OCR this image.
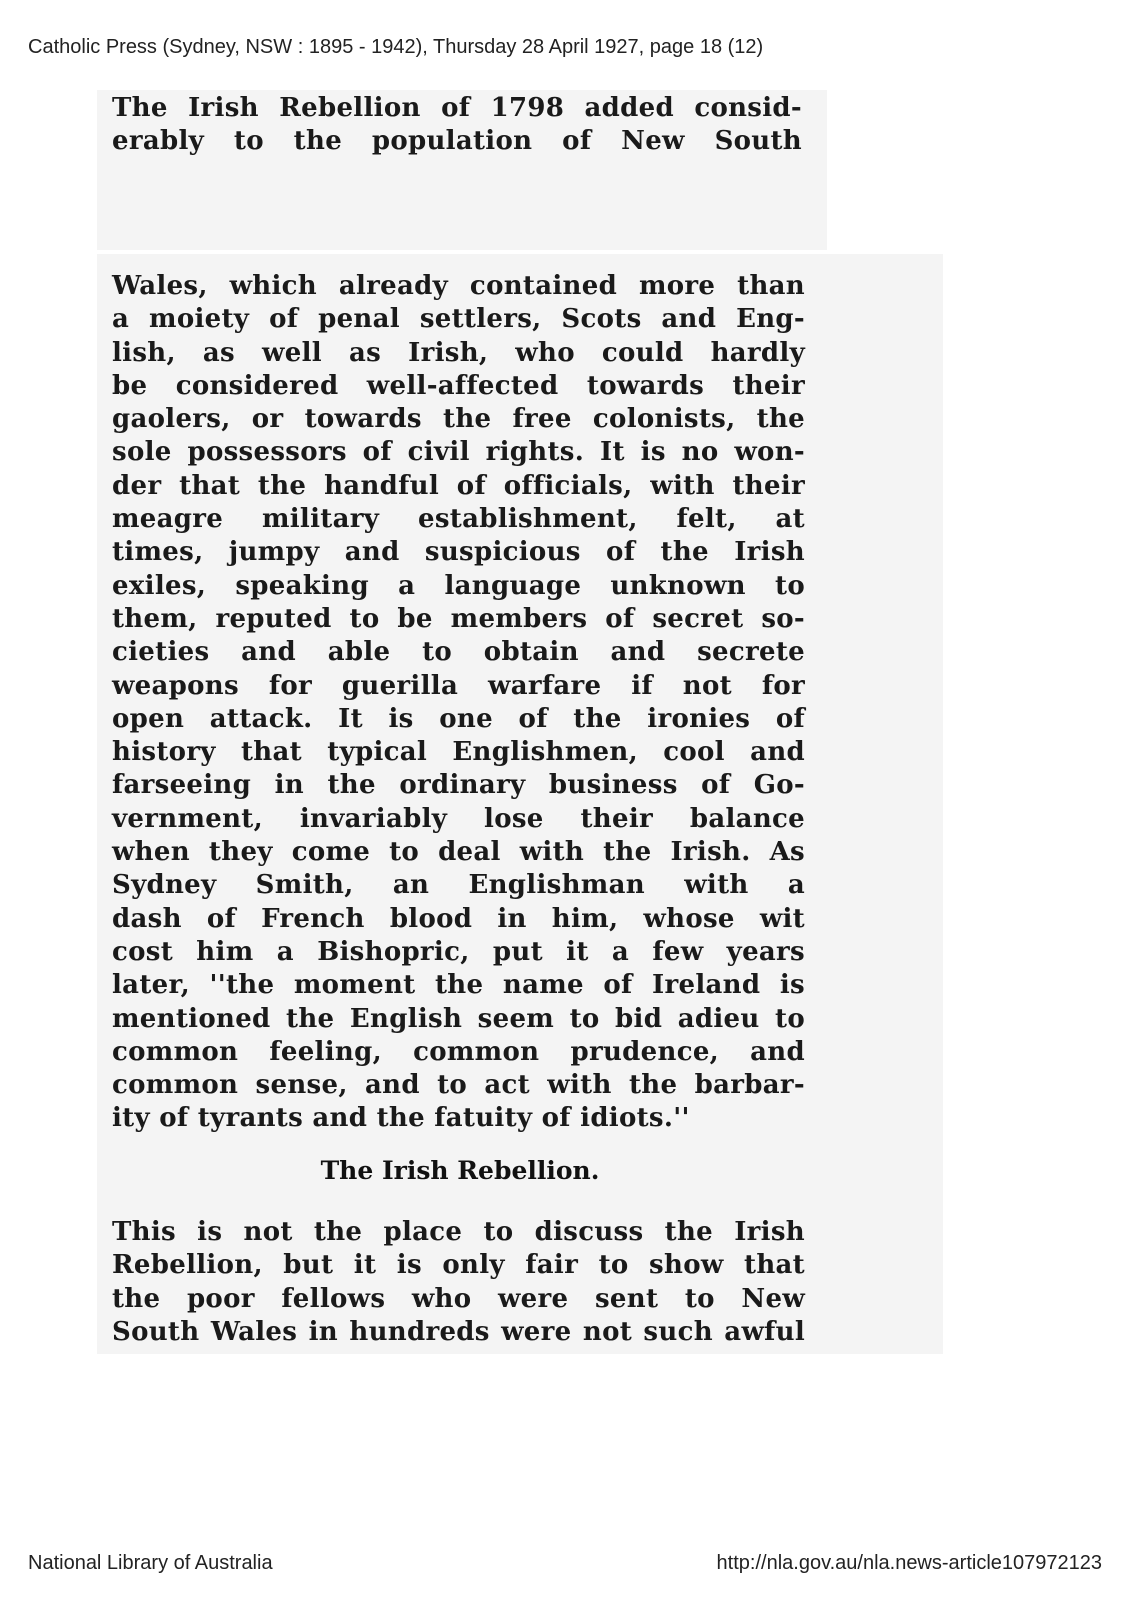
Catholic Press (Sydney, NSW : 1895 - 1942), Thursday 28 April 1927, page 18 (12)
The Irish Rebellion of 1798 added consid-
erably to the population of New South
Wales, which already contained more than
a moiety of penal settlers, Scots and Eng-
lish, as well as Irish, who could hardly
be considered well-affected towards their
gaolers, or towards the free colonists, the
sole possessors of civil rights. It is no won-
der that the handful of officials, with their
meagre military establishment, felt, at
times, jumpy and suspicious of the Irish
exiles, speaking a language unknown to
them, reputed to be members of secret so-
cieties and able to obtain and secrete
weapons for guerilla warfare if not for
open attack. It is one of the ironies of
history that typical Englishmen, cool and
farseeing in the ordinary business of Go-
vernment, invariably lose their balance
when they come to deal with the Irish. As
Sydney Smith, an Englishman with a
dash of French blood in him, whose wit
cost him a Bishopric, put it a few years
later, ''the moment the name of Ireland is
mentioned the English seem to bid adieu to
common feeling, common prudence, and
common sense, and to act with the barbar-
ity of tyrants and the fatuity of idiots.''
The Irish Rebellion.
This is not the place to discuss the Irish
Rebellion, but it is only fair to show that
the poor fellows who were sent to New
South Wales in hundreds were not such awful
National Library of Australia	http://nla.gov.au/nla.news-article107972123
